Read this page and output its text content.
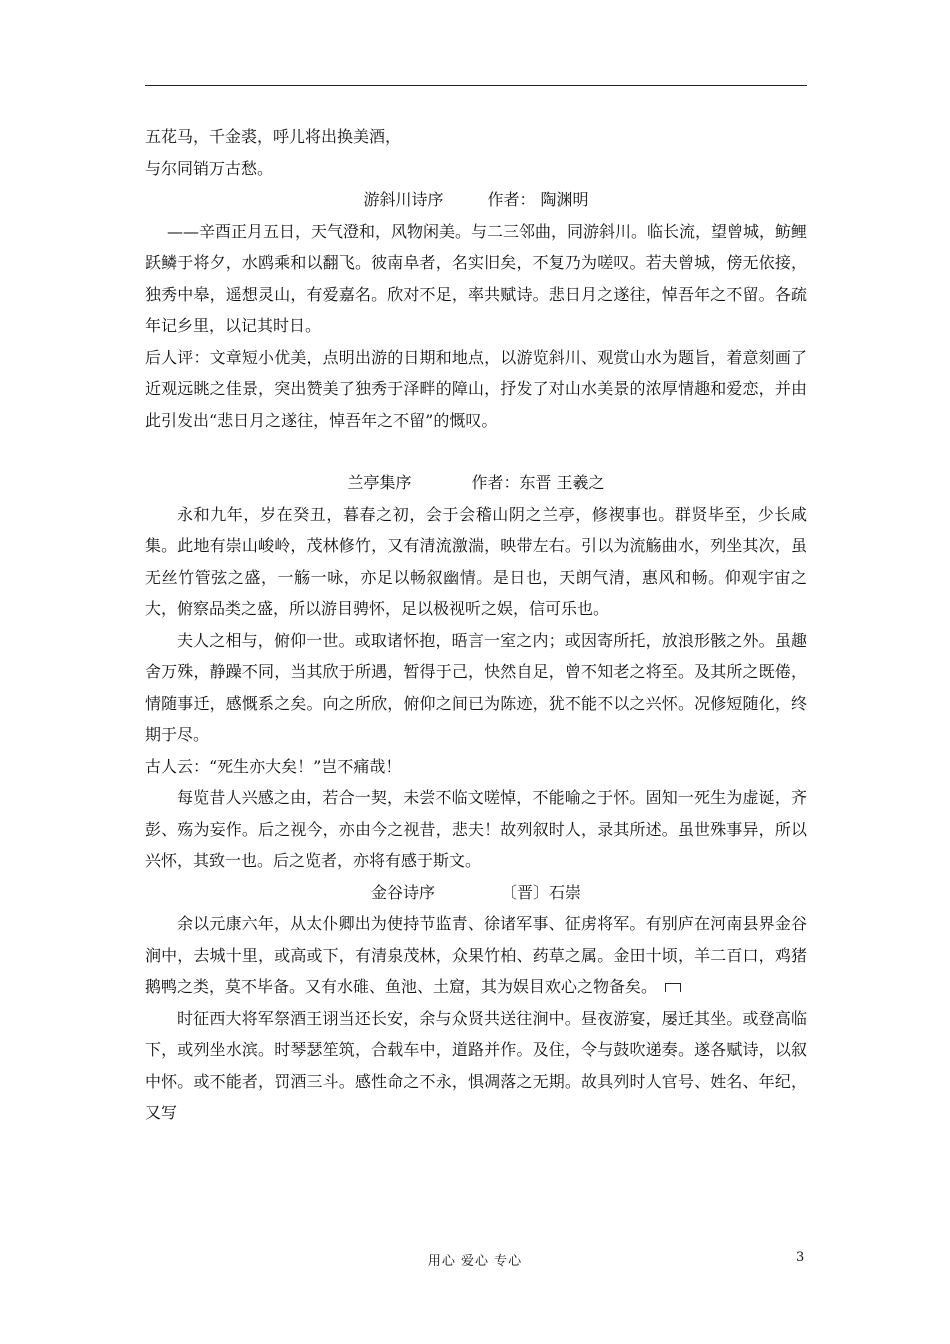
五花马，千金裘，呼儿将出换美酒，
与尔同销万古愁。
游斜川诗序	作者： 陶渊明

——辛酉正月五日，天气澄和，风物闲美。与二三邻曲，同游斜川。临长流，望曾城，鲂鲤跃鳞于将夕，水鸥乘和以翻飞。彼南阜者，名实旧矣，不复乃为嗟叹。若夫曾城，傍无依接，独秀中皋，遥想灵山，有爱嘉名。欣对不足，率共赋诗。悲日月之遂往，悼吾年之不留。各疏年记乡里，以记其时日。

后人评：文章短小优美，点明出游的日期和地点，以游览斜川、观赏山水为题旨，着意刻画了近观远眺之佳景，突出赞美了独秀于泽畔的障山，抒发了对山水美景的浓厚情趣和爱恋，并由此引发出“悲日月之遂往，悼吾年之不留”的慨叹。

兰亭集序	作者：东晋 王羲之

永和九年，岁在癸丑，暮春之初，会于会稽山阴之兰亭，修禊事也。群贤毕至，少长咸集。此地有崇山峻岭，茂林修竹，又有清流激湍，映带左右。引以为流觞曲水，列坐其次，虽无丝竹管弦之盛，一觞一咏，亦足以畅叙幽情。是日也，天朗气清，惠风和畅。仰观宇宙之大，俯察品类之盛，所以游目骋怀，足以极视听之娱，信可乐也。

夫人之相与，俯仰一世。或取诸怀抱，晤言一室之内；或因寄所托，放浪形骸之外。虽趣舍万殊，静躁不同，当其欣于所遇，暂得于己，快然自足，曾不知老之将至。及其所之既倦，情随事迁，感慨系之矣。向之所欣，俯仰之间已为陈迹，犹不能不以之兴怀。况修短随化，终期于尽。

古人云：“死生亦大矣！”岂不痛哉！

每览昔人兴感之由，若合一契，未尝不临文嗟悼，不能喻之于怀。固知一死生为虚诞，齐彭、殇为妄作。后之视今，亦由今之视昔，悲夫！故列叙时人，录其所述。虽世殊事异，所以兴怀，其致一也。后之览者，亦将有感于斯文。

金谷诗序	〔晋〕石崇

余以元康六年，从太仆卿出为使持节监青、徐诸军事、征虏将军。有别庐在河南县界金谷涧中，去城十里，或高或下，有清泉茂林，众果竹柏、药草之属。金田十顷，羊二百口，鸡猪鹅鸭之类，莫不毕备。又有水碓、鱼池、土窟，其为娱目欢心之物备矣。

时征西大将军祭酒王诩当还长安，余与众贤共送往涧中。昼夜游宴，屡迁其坐。或登高临下，或列坐水滨。时琴瑟笙筑，合载车中，道路并作。及住，令与鼓吹递奏。遂各赋诗，以叙中怀。或不能者，罚酒三斗。感性命之不永，惧凋落之无期。故具列时人官号、姓名、年纪，又写

用心 爱心 专心	3
